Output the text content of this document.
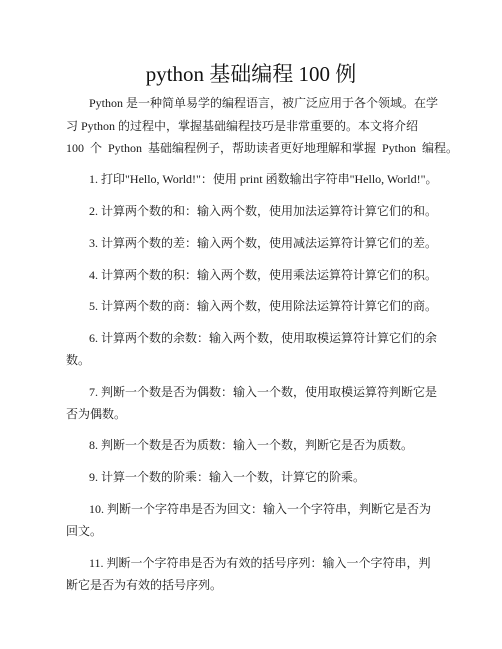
python 基础编程 100 例
Python 是一种简单易学的编程语言，被广泛应用于各个领域。在学
习 Python 的过程中，掌握基础编程技巧是非常重要的。本文将介绍
100 个 Python 基础编程例子，帮助读者更好地理解和掌握 Python 编程。
1. 打印"Hello, World!"：使用 print 函数输出字符串"Hello, World!"。
2. 计算两个数的和：输入两个数，使用加法运算符计算它们的和。
3. 计算两个数的差：输入两个数，使用减法运算符计算它们的差。
4. 计算两个数的积：输入两个数，使用乘法运算符计算它们的积。
5. 计算两个数的商：输入两个数，使用除法运算符计算它们的商。
6. 计算两个数的余数：输入两个数，使用取模运算符计算它们的余
数。
7. 判断一个数是否为偶数：输入一个数，使用取模运算符判断它是
否为偶数。
8. 判断一个数是否为质数：输入一个数，判断它是否为质数。
9. 计算一个数的阶乘：输入一个数，计算它的阶乘。
10. 判断一个字符串是否为回文：输入一个字符串，判断它是否为
回文。
11. 判断一个字符串是否为有效的括号序列：输入一个字符串，判
断它是否为有效的括号序列。
